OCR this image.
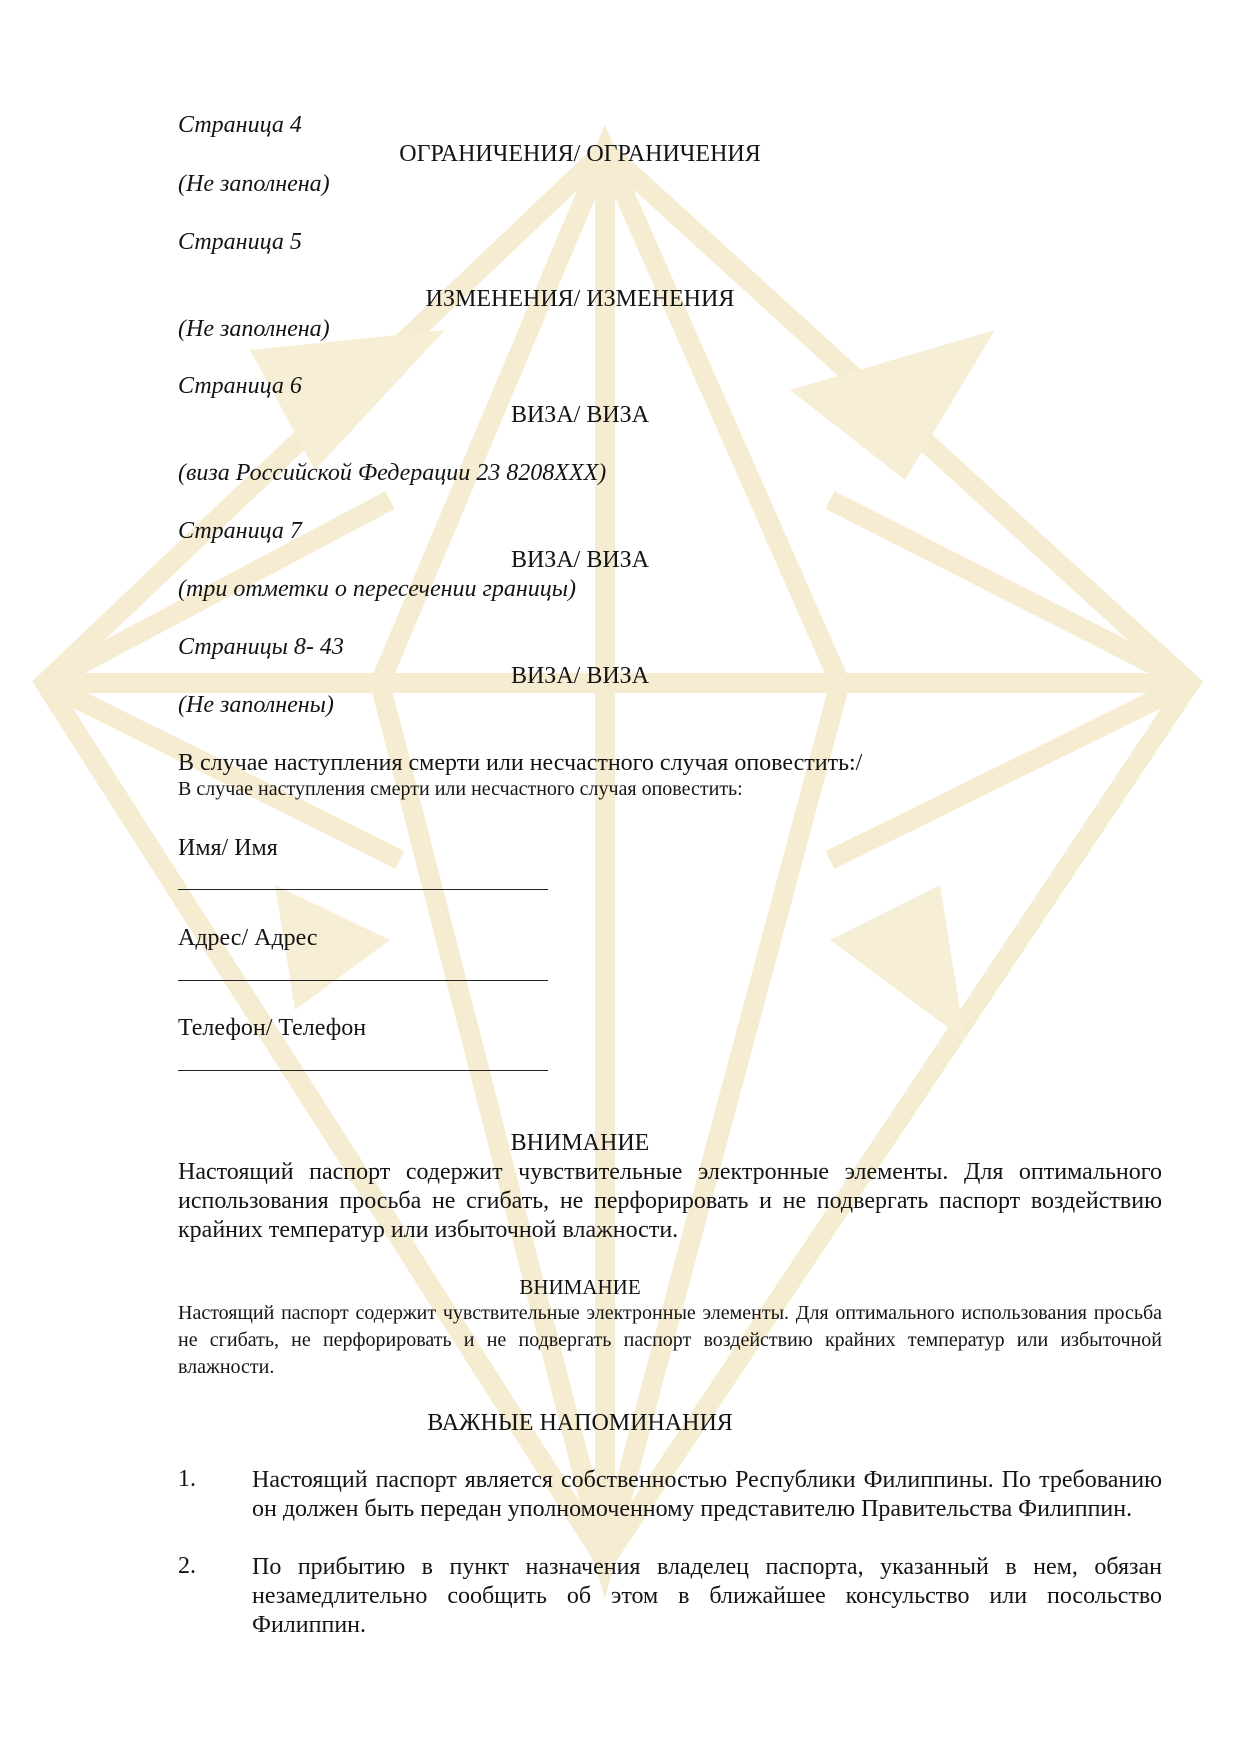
Страница 4

ОГРАНИЧЕНИЯ/ ОГРАНИЧЕНИЯ

(Не заполнена)

Страница 5

ИЗМЕНЕНИЯ/ ИЗМЕНЕНИЯ

(Не заполнена)

Страница 6

ВИЗА/ ВИЗА

(виза Российской Федерации 23 8208ХХХ)

Страница 7

ВИЗА/ ВИЗА

(три отметки о пересечении границы)

Страницы 8- 43

ВИЗА/ ВИЗА

(Не заполнены)

В случае наступления смерти или несчастного случая оповестить:/

В случае наступления смерти или несчастного случая оповестить:

Имя/ Имя

Адрес/ Адрес

Телефон/ Телефон

ВНИМАНИЕ

Настоящий паспорт содержит чувствительные электронные элементы. Для оптимального использования просьба не сгибать, не перфорировать и не подвергать паспорт воздействию крайних температур или избыточной влажности.

ВНИМАНИЕ

Настоящий паспорт содержит чувствительные электронные элементы. Для оптимального использования просьба не сгибать, не перфорировать и не подвергать паспорт воздействию крайних температур или избыточной влажности.

ВАЖНЫЕ НАПОМИНАНИЯ

1. Настоящий паспорт является собственностью Республики Филиппины. По требованию он должен быть передан уполномоченному представителю Правительства Филиппин.

2. По прибытию в пункт назначения владелец паспорта, указанный в нем, обязан незамедлительно сообщить об этом в ближайшее консульство или посольство Филиппин.
